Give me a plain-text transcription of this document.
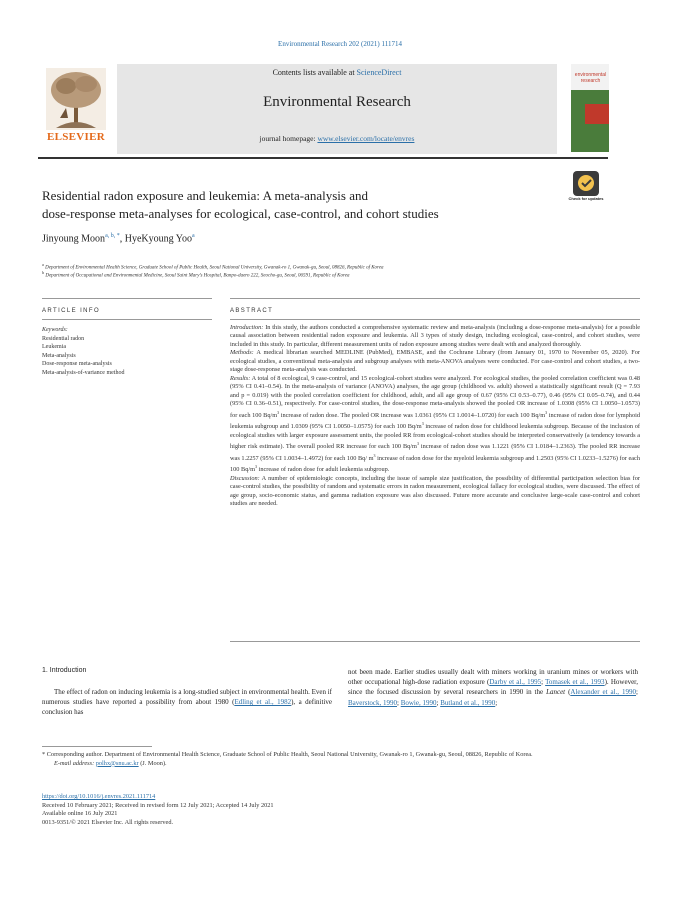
Environmental Research 202 (2021) 111714
ELSEVIER
Contents lists available at ScienceDirect
Environmental Research
journal homepage: www.elsevier.com/locate/envres
environmental research
Residential radon exposure and leukemia: A meta-analysis and
dose-response meta-analyses for ecological, case-control, and cohort studies
Check for updates
Jinyoung Moon$^{a, b, *}$, HyeKyoung Yoo$^a$
$^a$ Department of Environmental Health Science, Graduate School of Public Health, Seoul National University, Gwanak-ro 1, Gwanak-gu, Seoul, 08826, Republic of Korea
$^b$ Department of Occupational and Environmental Medicine, Seoul Saint Mary’s Hospital, Banpo-daero 222, Seocho-gu, Seoul, 06591, Republic of Korea
ARTICLE INFO	ABSTRACT
Keywords:
Residential radon
Leukemia
Meta-analysis
Dose-response meta-analysis
Meta-analysis-of-variance method

Introduction: In this study, the authors conducted a comprehensive systematic review and meta-analysis (including a dose-response meta-analysis) for a possible causal association between residential radon exposure and leukemia. All 3 types of study design, including ecological, case-control, and cohort studies, were included in this study. In particular, different measurement units of radon exposure among studies were dealt with and analyzed thoroughly.

Methods: A medical librarian searched MEDLINE (PubMed), EMBASE, and the Cochrane Library (from January 01, 1970 to November 05, 2020). For ecological studies, a conventional meta-analysis and subgroup analyses with meta-ANOVA analyses were conducted. For case-control and cohort studies, a two-stage dose-response meta-analysis was conducted.

Results: A total of 8 ecological, 9 case-control, and 15 ecological-cohort studies were analyzed. For ecological studies, the pooled correlation coefficient was 0.48 (95% CI 0.41–0.54). In the meta-analysis of variance (ANOVA) analyses, the age group (childhood vs. adult) showed a statistically significant result (Q = 7.93 and p = 0.019) with the pooled correlation coefficient for childhood, adult, and all age group of 0.67 (95% CI 0.53–0.77), 0.46 (95% CI 0.05–0.74), and 0.44 (95% CI 0.36–0.51), respectively. For case-control studies, the dose-response meta-analysis showed the pooled OR increase of 1.0308 (95% CI 1.0050–1.0573) for each 100 $Bq/m^3$ increase of radon dose. The pooled OR increase was 1.0361 (95% CI 1.0014–1.0720) for each 100 $Bq/m^3$ increase of radon dose for lymphoid leukemia subgroup and 1.0309 (95% CI 1.0050–1.0575) for each 100 $Bq/m^3$ increase of radon dose for childhood leukemia subgroup. Because of the inclusion of ecological studies with larger exposure assessment units, the pooled RR from ecological-cohort studies should be interpreted conservatively (a tendency towards a higher risk estimate). The overall pooled RR increase for each 100 $Bq/m^3$ increase of radon dose was 1.1221 (95% CI 1.0184–1.2363). The pooled RR increase was 1.2257 (95% CI 1.0034–1.4972) for each 100 Bq/ $m^3$ increase of radon dose for the myeloid leukemia subgroup and 1.2503 (95% CI 1.0233–1.5276) for each 100 $Bq/m^3$ increase of radon dose for adult leukemia subgroup.

Discussion: A number of epidemiologic concepts, including the issue of sample size justification, the possibility of differential participation selection bias for case-control studies, the possibility of random and systematic errors in radon measurement, ecological fallacy for ecological studies, were discussed. The effect of age group, socio-economic status, and gamma radiation exposure was also discussed. Future more accurate and conclusive large-scale case-control and cohort studies are needed.

1. Introduction
The effect of radon on inducing leukemia is a long-studied subject in environmental health. Even if numerous studies have reported a possibility from about 1980 (Edling et al., 1982), a definitive conclusion has
not been made. Earlier studies usually dealt with miners working in uranium mines or workers with other occupational high-dose radiation exposure (Darby et al., 1995; Tomasek et al., 1993). However, since the focused discussion by several researchers in 1990 in the Lancet (Alexander et al., 1990; Baverstock, 1990; Bowie, 1990; Butland et al., 1990;
* Corresponding author. Department of Environmental Health Science, Graduate School of Public Health, Seoul National University, Gwanak-ro 1, Gwanak-gu, Seoul, 08826, Republic of Korea.
E-mail address: polhx@snu.ac.kr (J. Moon).
https://doi.org/10.1016/j.envres.2021.111714
Received 10 February 2021; Received in revised form 12 July 2021; Accepted 14 July 2021
Available online 16 July 2021
0013-9351/© 2021 Elsevier Inc. All rights reserved.
